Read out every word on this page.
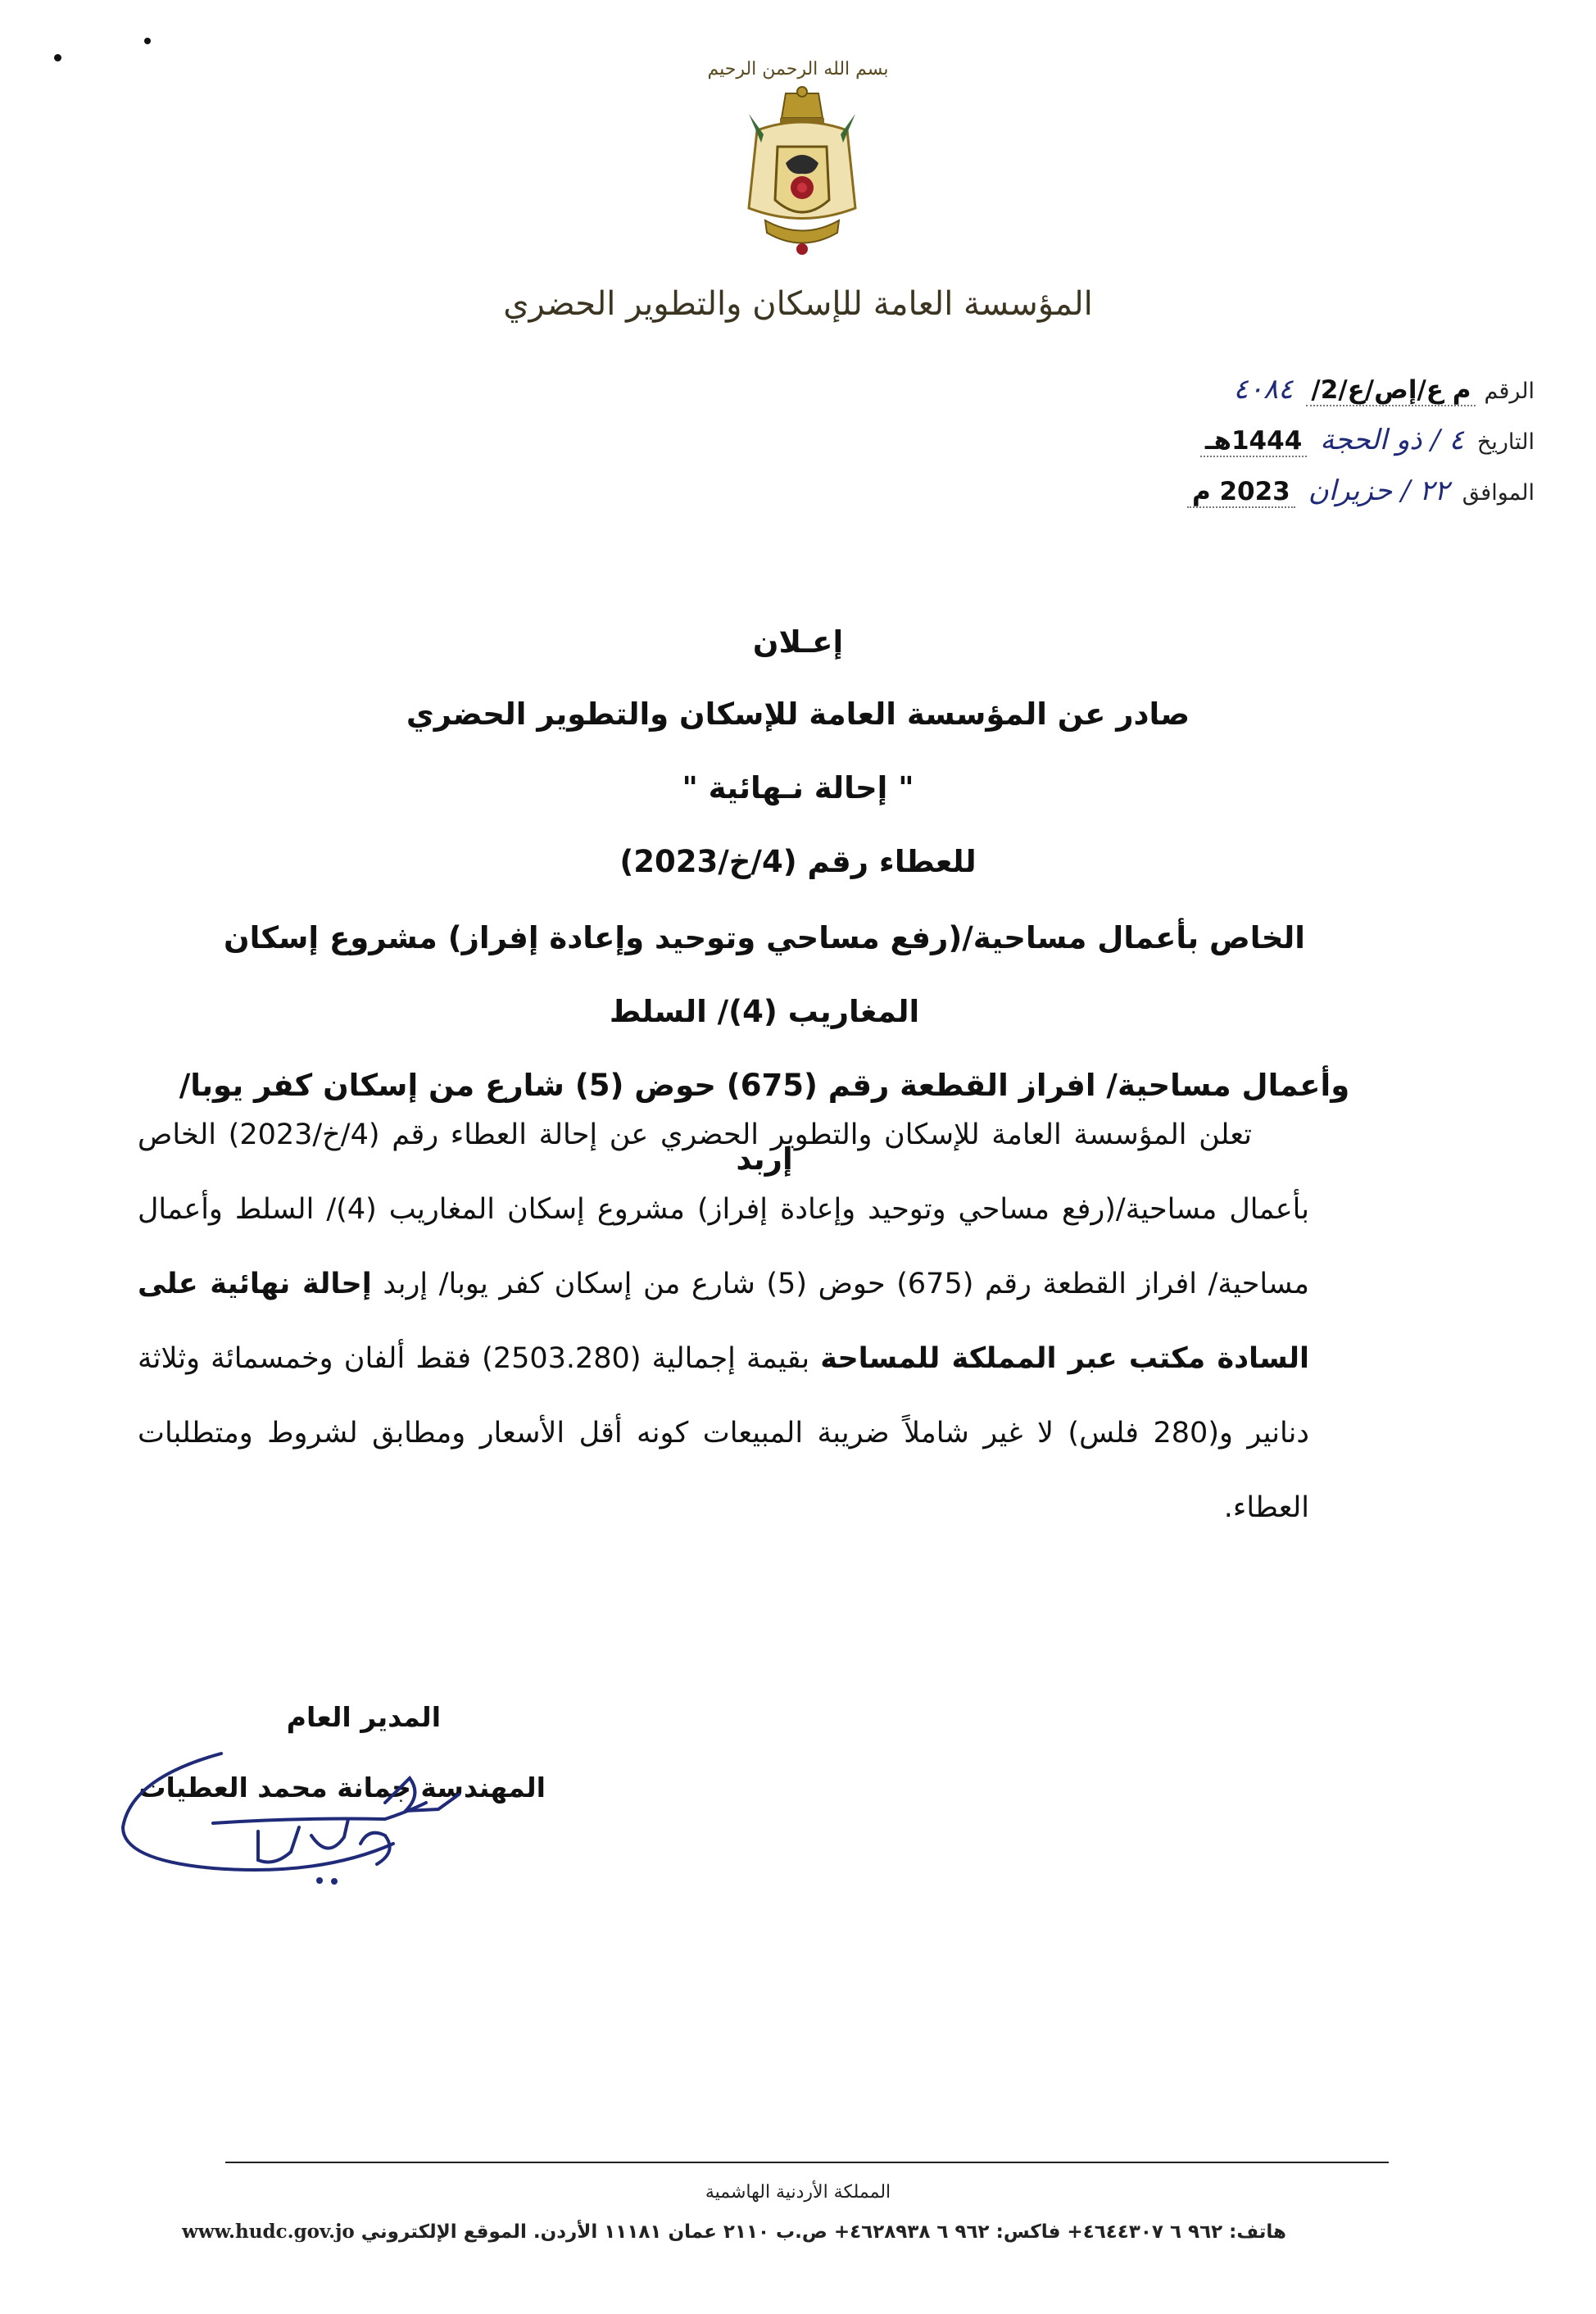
بسم الله الرحمن الرحيم
المؤسسة العامة للإسكان والتطوير الحضري
الرقم
م ع/إص/ع/2/
٤٠٨٤
التاريخ
٤ / ذو الحجة
1444هـ
الموافق
٢٢ / حزيران
2023 م
إعـلان
صادر عن المؤسسة العامة للإسكان والتطوير الحضري
" إحالة نـهائية "
للعطاء رقم (4/خ/2023)
الخاص بأعمال مساحية/(رفع مساحي وتوحيد وإعادة إفراز) مشروع إسكان المغاريب (4)/ السلط
وأعمال مساحية/ افراز القطعة رقم (675) حوض (5) شارع من إسكان كفر يوبا/ إربد
  تعلن المؤسسة العامة للإسكان والتطوير الحضري عن إحالة العطاء رقم (4/خ/2023) الخاص بأعمال مساحية/(رفع مساحي وتوحيد وإعادة إفراز) مشروع إسكان المغاريب (4)/ السلط وأعمال مساحية/ افراز القطعة رقم (675) حوض (5) شارع من إسكان كفر يوبا/ إربد إحالة نهائية على السادة مكتب عبر المملكة للمساحة بقيمة إجمالية (2503.280) فقط ألفان وخمسمائة وثلاثة دنانير و(280 فلس) لا غير شاملاً ضريبة المبيعات كونه أقل الأسعار ومطابق لشروط ومتطلبات العطاء.
المدير العام
المهندسة جمانة محمد العطيات
المملكة الأردنية الهاشمية
هاتف: ٩٦٢ ٦ ٤٦٤٤٣٠٧+ فاكس: ٩٦٢ ٦ ٤٦٢٨٩٣٨+ ص.ب ٢١١٠ عمان ١١١٨١ الأردن. الموقع الإلكتروني www.hudc.gov.jo
